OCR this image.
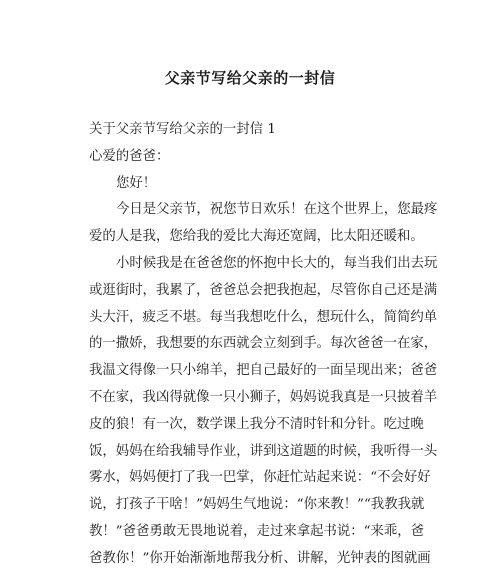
父亲节写给父亲的一封信
关于父亲节写给父亲的一封信 1
心爱的爸爸：
您好！
今日是父亲节，祝您节日欢乐！在这个世界上，您最疼
爱的人是我，您给我的爱比大海还宽阔，比太阳还暖和。
小时候我是在爸爸您的怀抱中长大的，每当我们出去玩
或逛街时，我累了，爸爸总会把我抱起，尽管你自己还是满
头大汗，疲乏不堪。每当我想吃什么，想玩什么，简简约单
的一撒娇，我想要的东西就会立刻到手。每次爸爸一在家，
我温文得像一只小绵羊，把自己最好的一面呈现出来；爸爸
不在家，我凶得就像一只小狮子，妈妈说我真是一只披着羊
皮的狼！有一次，数学课上我分不清时针和分针。吃过晚
饭，妈妈在给我辅导作业，讲到这道题的时候，我听得一头
雾水，妈妈便打了我一巴掌，你赶忙站起来说：“不会好好
说，打孩子干啥！”妈妈生气地说：“你来教！”“我教我就
教！”爸爸勇敢无畏地说着，走过来拿起书说：“来乖，爸
爸教你！”你开始渐渐地帮我分析、讲解，光钟表的图就画
